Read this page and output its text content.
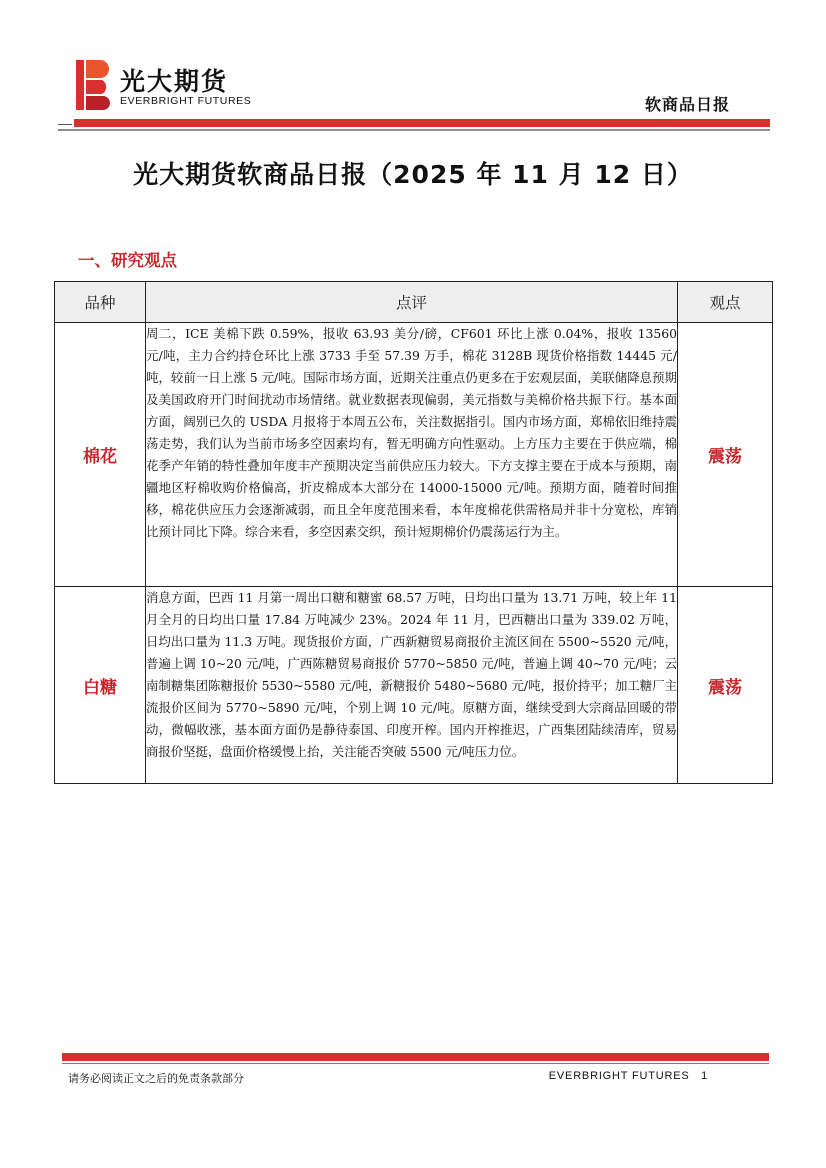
光大期货
EVERBRIGHT FUTURES	软商品日报
光大期货软商品日报（2025 年 11 月 12 日）
一、研究观点
品种	点评	观点
棉花	周二，ICE 美棉下跌 0.59%，报收 63.93 美分/磅，CF601 环比上涨 0.04%，报收 13560 元/吨，主力合约持仓环比上涨 3733 手至 57.39 万手，棉花 3128B 现货价格指数 14445 元/吨，较前一日上涨 5 元/吨。国际市场方面，近期关注重点仍更多在于宏观层面，美联储降息预期及美国政府开门时间扰动市场情绪。就业数据表现偏弱，美元指数与美棉价格共振下行。基本面方面，阔别已久的 USDA 月报将于本周五公布，关注数据指引。国内市场方面，郑棉依旧维持震荡走势，我们认为当前市场多空因素均有，暂无明确方向性驱动。上方压力主要在于供应端，棉花季产年销的特性叠加年度丰产预期决定当前供应压力较大。下方支撑主要在于成本与预期，南疆地区籽棉收购价格偏高，折皮棉成本大部分在 14000-15000 元/吨。预期方面，随着时间推移，棉花供应压力会逐渐减弱，而且全年度范围来看，本年度棉花供需格局并非十分宽松，库销比预计同比下降。综合来看，多空因素交织，预计短期棉价仍震荡运行为主。	震荡
白糖	消息方面，巴西 11 月第一周出口糖和糖蜜 68.57 万吨，日均出口量为 13.71 万吨，较上年 11 月全月的日均出口量 17.84 万吨减少 23%。2024 年 11 月，巴西糖出口量为 339.02 万吨，日均出口量为 11.3 万吨。现货报价方面，广西新糖贸易商报价主流区间在 5500~5520 元/吨，普遍上调 10~20 元/吨，广西陈糖贸易商报价 5770~5850 元/吨，普遍上调 40~70 元/吨；云南制糖集团陈糖报价 5530~5580 元/吨，新糖报价 5480~5680 元/吨，报价持平；加工糖厂主流报价区间为 5770~5890 元/吨，个别上调 10 元/吨。原糖方面，继续受到大宗商品回暖的带动，微幅收涨，基本面方面仍是静待泰国、印度开榨。国内开榨推迟，广西集团陆续清库，贸易商报价坚挺，盘面价格缓慢上抬，关注能否突破 5500 元/吨压力位。	震荡
请务必阅读正文之后的免责条款部分	EVERBRIGHT FUTURES 1
